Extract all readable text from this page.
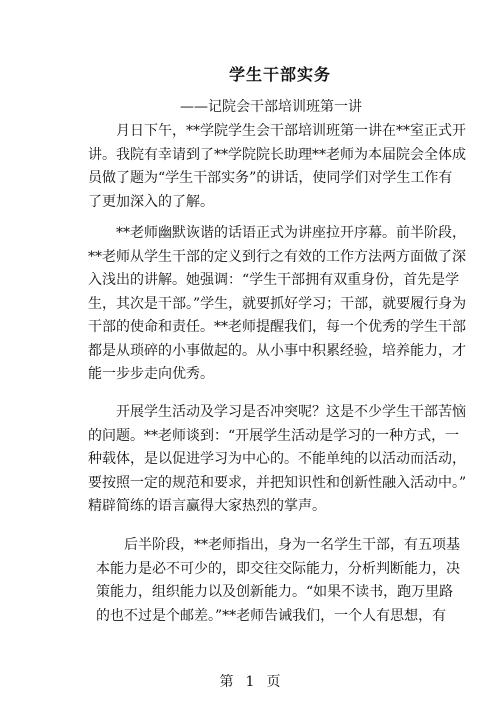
学生干部实务
——记院会干部培训班第一讲
月日下午，**学院学生会干部培训班第一讲在**室正式开
讲。我院有幸请到了**学院院长助理**老师为本届院会全体成
员做了题为“学生干部实务”的讲话，使同学们对学生工作有
了更加深入的了解。
**老师幽默诙谐的话语正式为讲座拉开序幕。前半阶段，
**老师从学生干部的定义到行之有效的工作方法两方面做了深
入浅出的讲解。她强调：“学生干部拥有双重身份，首先是学
生，其次是干部。”学生，就要抓好学习；干部，就要履行身为
干部的使命和责任。**老师提醒我们，每一个优秀的学生干部
都是从琐碎的小事做起的。从小事中积累经验，培养能力，才
能一步步走向优秀。
开展学生活动及学习是否冲突呢？这是不少学生干部苦恼
的问题。**老师谈到：“开展学生活动是学习的一种方式，一
种载体，是以促进学习为中心的。不能单纯的以活动而活动，
要按照一定的规范和要求，并把知识性和创新性融入活动中。”
精辟简练的语言赢得大家热烈的掌声。
后半阶段，**老师指出，身为一名学生干部，有五项基
本能力是必不可少的，即交往交际能力，分析判断能力，决
策能力，组织能力以及创新能力。“如果不读书，跑万里路
的也不过是个邮差。”**老师告诫我们，一个人有思想，有
第 1 页
